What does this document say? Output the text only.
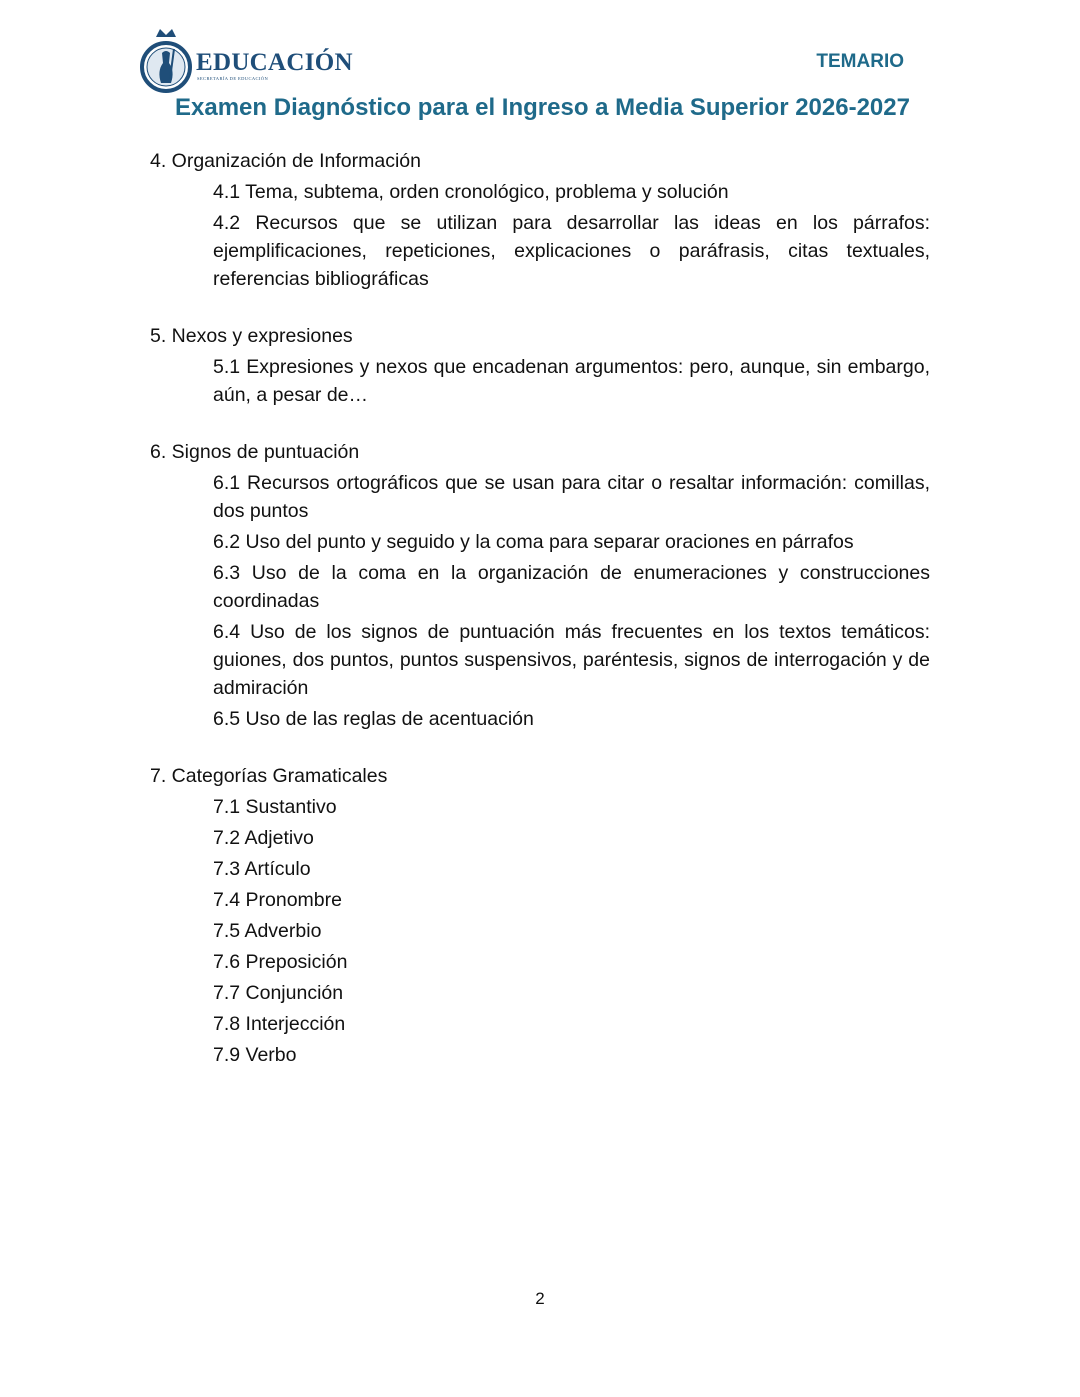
EDUCACIÓN
SECRETARÍA DE EDUCACIÓN
TEMARIO
Examen Diagnóstico para el Ingreso a Media Superior 2026-2027
4. Organización de Información
4.1 Tema, subtema, orden cronológico, problema y solución
4.2 Recursos que se utilizan para desarrollar las ideas en los párrafos: ejemplificaciones, repeticiones, explicaciones o paráfrasis, citas textuales, referencias bibliográficas
5. Nexos y expresiones
5.1 Expresiones y nexos que encadenan argumentos: pero, aunque, sin embargo, aún, a pesar de…
6. Signos de puntuación
6.1 Recursos ortográficos que se usan para citar o resaltar información: comillas, dos puntos
6.2 Uso del punto y seguido y la coma para separar oraciones en párrafos
6.3 Uso de la coma en la organización de enumeraciones y construcciones coordinadas
6.4 Uso de los signos de puntuación más frecuentes en los textos temáticos: guiones, dos puntos, puntos suspensivos, paréntesis, signos de interrogación y de admiración
6.5 Uso de las reglas de acentuación
7. Categorías Gramaticales
7.1 Sustantivo
7.2 Adjetivo
7.3 Artículo
7.4 Pronombre
7.5 Adverbio
7.6 Preposición
7.7 Conjunción
7.8 Interjección
7.9 Verbo
2
